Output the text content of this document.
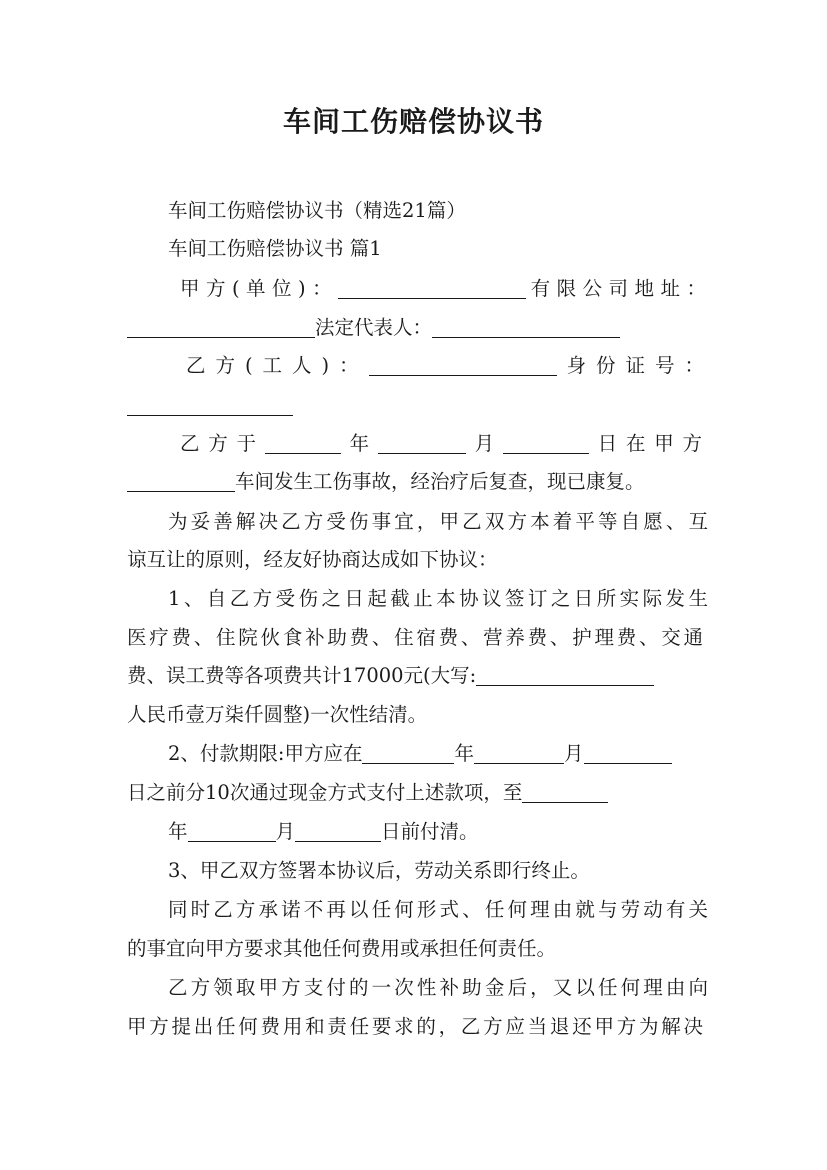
车间工伤赔偿协议书
车间工伤赔偿协议书（精选21篇）
车间工伤赔偿协议书 篇1
甲方(单位)：	有限公司地址：
法定代表人：
乙方(工人)：	身份证号：
乙方于	年	月	日在甲方
车间发生工伤事故，经治疗后复查，现已康复。
为妥善解决乙方受伤事宜，甲乙双方本着平等自愿、互
谅互让的原则，经友好协商达成如下协议：
1、自乙方受伤之日起截止本协议签订之日所实际发生
医疗费、住院伙食补助费、住宿费、营养费、护理费、交通
费、误工费等各项费共计17000元(大写:
人民币壹万柒仟圆整)一次性结清。
2、付款期限:甲方应在	年	月
日之前分10次通过现金方式支付上述款项，至
年	月	日前付清。
3、甲乙双方签署本协议后，劳动关系即行终止。
同时乙方承诺不再以任何形式、任何理由就与劳动有关
的事宜向甲方要求其他任何费用或承担任何责任。
乙方领取甲方支付的一次性补助金后，又以任何理由向
甲方提出任何费用和责任要求的，乙方应当退还甲方为解决
